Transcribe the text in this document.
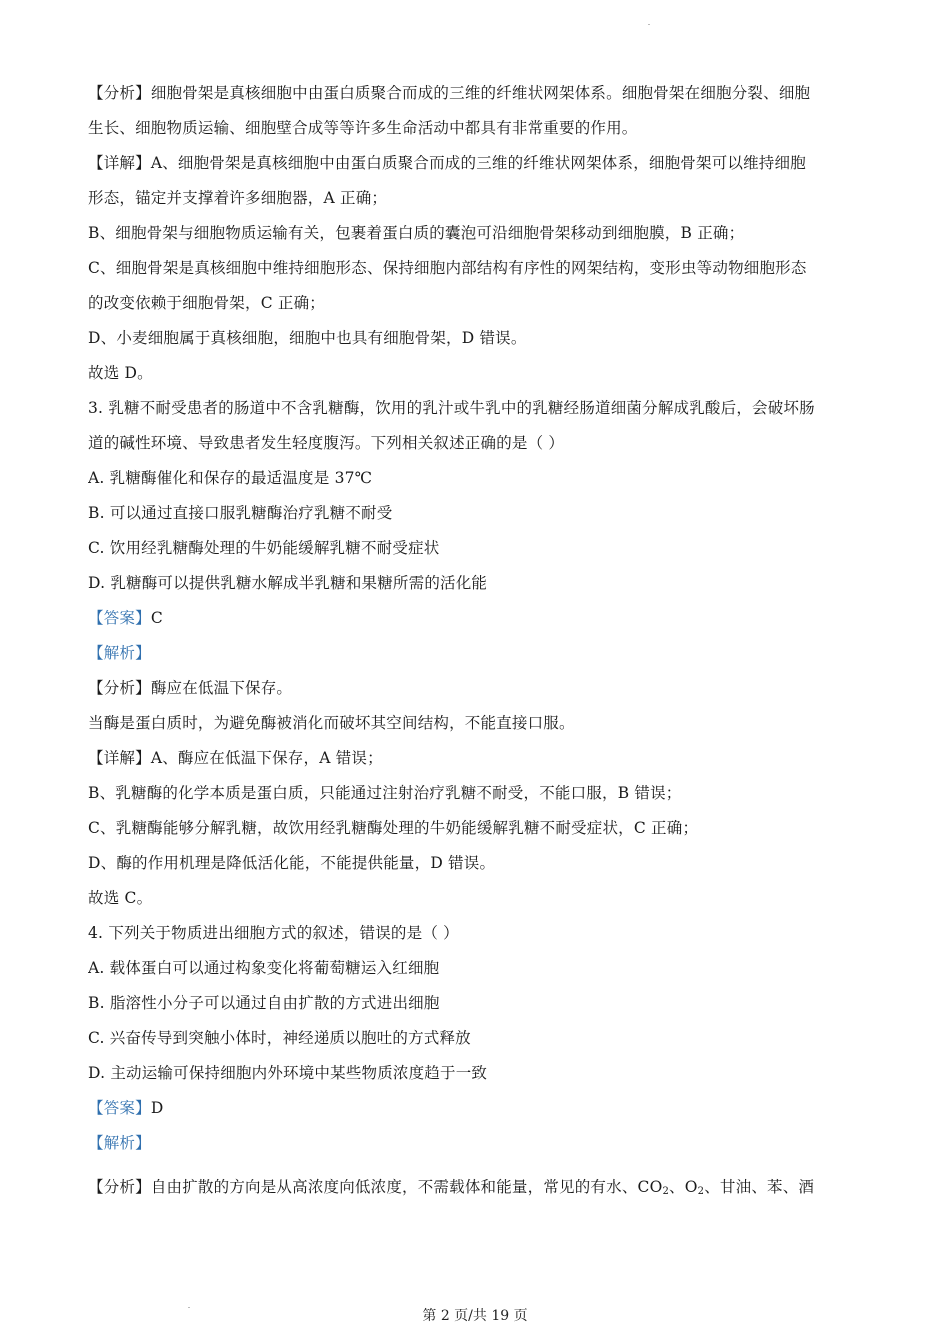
【分析】细胞骨架是真核细胞中由蛋白质聚合而成的三维的纤维状网架体系。细胞骨架在细胞分裂、细胞
生长、细胞物质运输、细胞壁合成等等许多生命活动中都具有非常重要的作用。
【详解】A、细胞骨架是真核细胞中由蛋白质聚合而成的三维的纤维状网架体系，细胞骨架可以维持细胞
形态，锚定并支撑着许多细胞器，A 正确；
B、细胞骨架与细胞物质运输有关，包裹着蛋白质的囊泡可沿细胞骨架移动到细胞膜，B 正确；
C、细胞骨架是真核细胞中维持细胞形态、保持细胞内部结构有序性的网架结构，变形虫等动物细胞形态
的改变依赖于细胞骨架，C 正确；
D、小麦细胞属于真核细胞，细胞中也具有细胞骨架，D 错误。
故选 D。
3. 乳糖不耐受患者的肠道中不含乳糖酶，饮用的乳汁或牛乳中的乳糖经肠道细菌分解成乳酸后，会破坏肠
道的碱性环境、导致患者发生轻度腹泻。下列相关叙述正确的是（ ）
A. 乳糖酶催化和保存的最适温度是 37℃
B. 可以通过直接口服乳糖酶治疗乳糖不耐受
C. 饮用经乳糖酶处理的牛奶能缓解乳糖不耐受症状
D. 乳糖酶可以提供乳糖水解成半乳糖和果糖所需的活化能
【答案】C
【解析】
【分析】酶应在低温下保存。
当酶是蛋白质时，为避免酶被消化而破坏其空间结构，不能直接口服。
【详解】A、酶应在低温下保存，A 错误；
B、乳糖酶的化学本质是蛋白质，只能通过注射治疗乳糖不耐受，不能口服，B 错误；
C、乳糖酶能够分解乳糖，故饮用经乳糖酶处理的牛奶能缓解乳糖不耐受症状，C 正确；
D、酶的作用机理是降低活化能，不能提供能量，D 错误。
故选 C。
4. 下列关于物质进出细胞方式的叙述，错误的是（ ）
A. 载体蛋白可以通过构象变化将葡萄糖运入红细胞
B. 脂溶性小分子可以通过自由扩散的方式进出细胞
C. 兴奋传导到突触小体时，神经递质以胞吐的方式释放
D. 主动运输可保持细胞内外环境中某些物质浓度趋于一致
【答案】D
【解析】
【分析】自由扩散的方向是从高浓度向低浓度，不需载体和能量，常见的有水、$CO_2$、$O_2$、甘油、苯、酒
第 2 页/共 19 页
